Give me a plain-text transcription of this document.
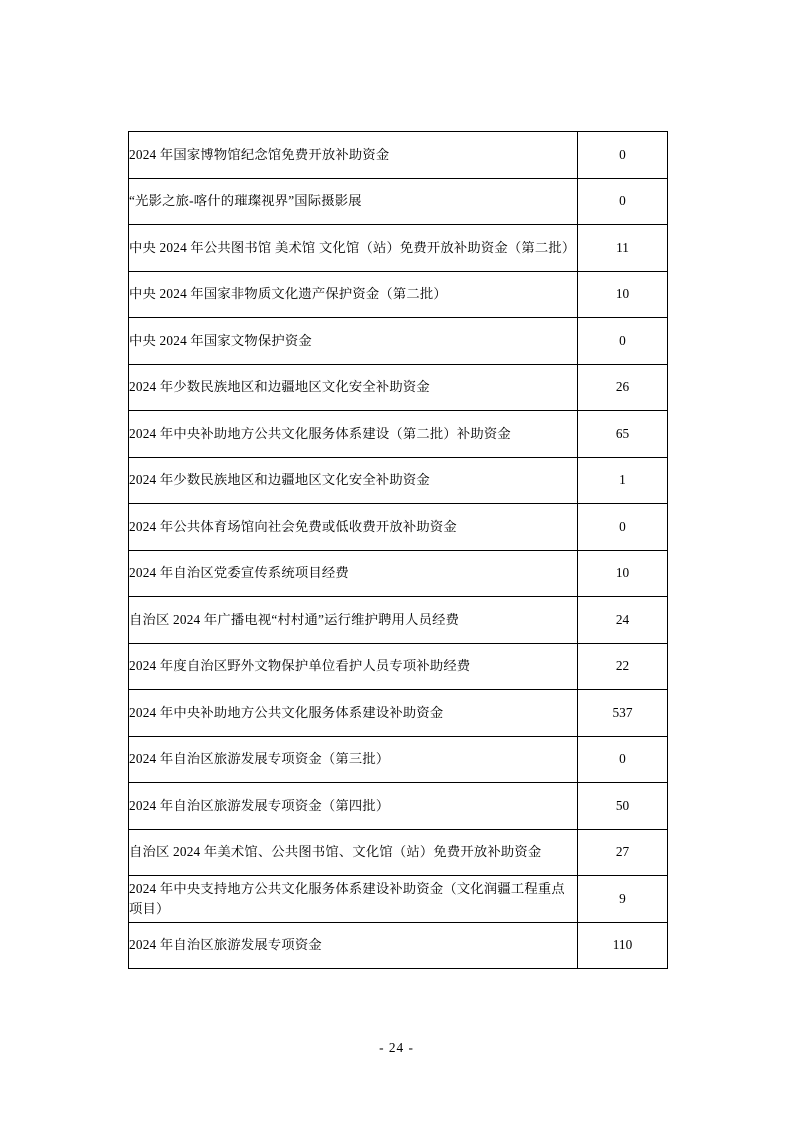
2024 年国家博物馆纪念馆免费开放补助资金	0
“光影之旅-喀什的璀璨视界”国际摄影展	0
中央 2024 年公共图书馆 美术馆 文化馆（站）免费开放补助资金（第二批）	11
中央 2024 年国家非物质文化遗产保护资金（第二批）	10
中央 2024 年国家文物保护资金	0
2024 年少数民族地区和边疆地区文化安全补助资金	26
2024 年中央补助地方公共文化服务体系建设（第二批）补助资金	65
2024 年少数民族地区和边疆地区文化安全补助资金	1
2024 年公共体育场馆向社会免费或低收费开放补助资金	0
2024 年自治区党委宣传系统项目经费	10
自治区 2024 年广播电视“村村通”运行维护聘用人员经费	24
2024 年度自治区野外文物保护单位看护人员专项补助经费	22
2024 年中央补助地方公共文化服务体系建设补助资金	537
2024 年自治区旅游发展专项资金（第三批）	0
2024 年自治区旅游发展专项资金（第四批）	50
自治区 2024 年美术馆、公共图书馆、文化馆（站）免费开放补助资金	27
2024 年中央支持地方公共文化服务体系建设补助资金（文化润疆工程重点项目）	9
2024 年自治区旅游发展专项资金	110
- 24 -
